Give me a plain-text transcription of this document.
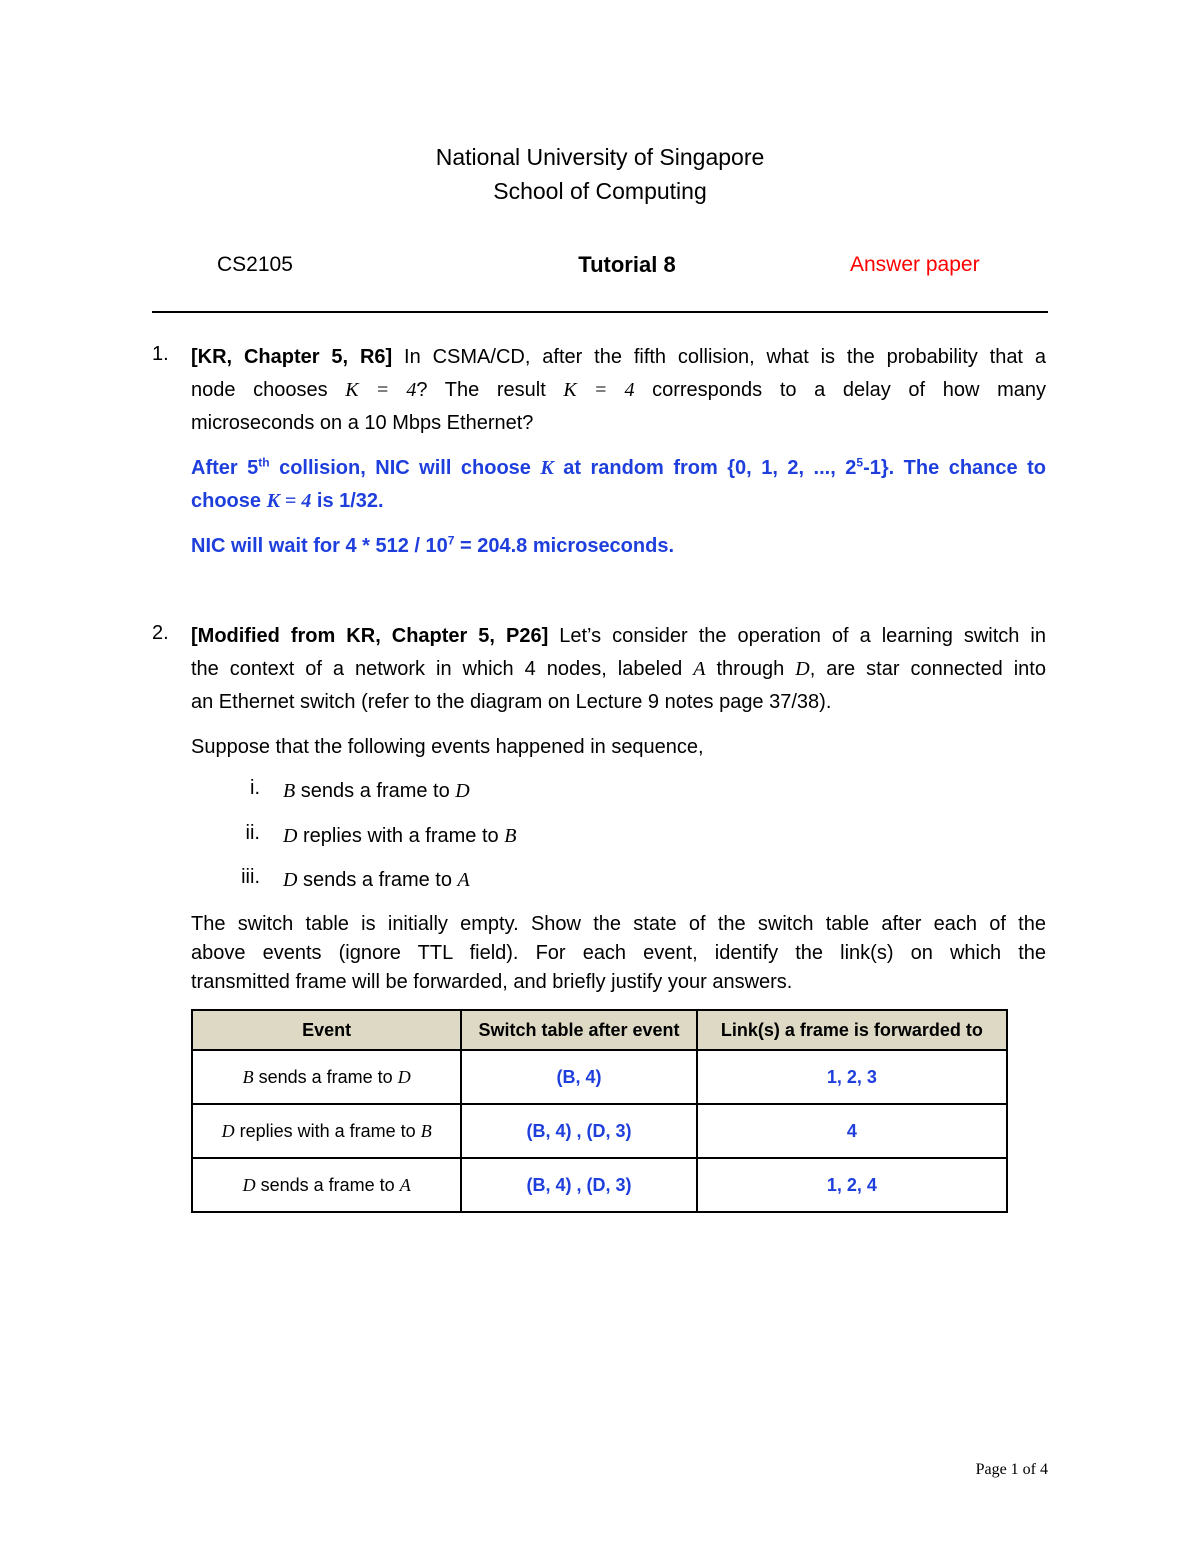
National University of Singapore
School of Computing
CS2105	Tutorial 8	Answer paper
1. [KR, Chapter 5, R6] In CSMA/CD, after the fifth collision, what is the probability that a
node chooses K = 4? The result K = 4 corresponds to a delay of how many
microseconds on a 10 Mbps Ethernet?
After 5th collision, NIC will choose K at random from {0, 1, 2, ..., $2^5-1$}. The chance to
choose K = 4 is 1/32.
NIC will wait for $4 * 512 / 10^7 = 204.8$ microseconds.
2. [Modified from KR, Chapter 5, P26] Let’s consider the operation of a learning switch in
the context of a network in which 4 nodes, labeled A through D, are star connected into
an Ethernet switch (refer to the diagram on Lecture 9 notes page 37/38).
Suppose that the following events happened in sequence,
i. B sends a frame to D
ii. D replies with a frame to B
iii. D sends a frame to A
The switch table is initially empty. Show the state of the switch table after each of the
above events (ignore TTL field). For each event, identify the link(s) on which the
transmitted frame will be forwarded, and briefly justify your answers.
Event	Switch table after event	Link(s) a frame is forwarded to
B sends a frame to D	(B, 4)	1, 2, 3
D replies with a frame to B	(B, 4) , (D, 3)	4
D sends a frame to A	(B, 4) , (D, 3)	1, 2, 4
Page 1 of 4
